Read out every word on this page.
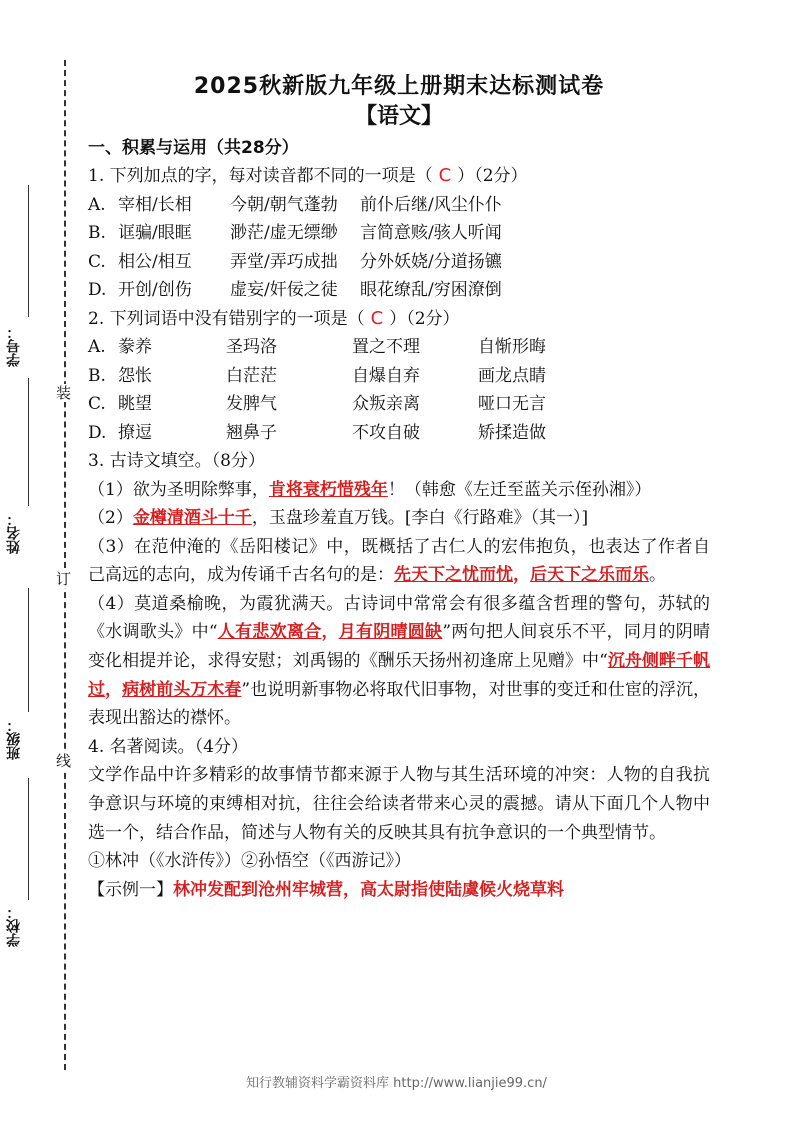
装
订
线
学号：
姓名：
班级：
学校：
2025秋新版九年级上册期末达标测试卷
【语文】
一、积累与运用（共28分）
1. 下列加点的字，每对读音都不同的一项是（ C ）（2分）
A. 宰相/长相	今朝/朝气蓬勃	前仆后继/风尘仆仆
B. 诓骗/眼眶	渺茫/虚无缥缈	言简意赅/骇人听闻
C. 相公/相互	弄堂/弄巧成拙	分外妖娆/分道扬镳
D. 开创/创伤	虚妄/奸佞之徒	眼花缭乱/穷困潦倒
2. 下列词语中没有错别字的一项是（ C ）（2分）
A. 豢养	圣玛洛	置之不理	自惭形晦
B. 怨怅	白茫茫	自爆自弃	画龙点睛
C. 眺望	发脾气	众叛亲离	哑口无言
D. 撩逗	翘鼻子	不攻自破	矫揉造做
3. 古诗文填空。（8分）
（1）欲为圣明除弊事，肯将衰朽惜残年！（韩愈《左迁至蓝关示侄孙湘》）
（2）金樽清酒斗十千，玉盘珍羞直万钱。[李白《行路难》（其一）]
（3）在范仲淹的《岳阳楼记》中，既概括了古仁人的宏伟抱负，也表达了作者自己高远的志向，成为传诵千古名句的是：先天下之忧而忧，后天下之乐而乐。
（4）莫道桑榆晚，为霞犹满天。古诗词中常常会有很多蕴含哲理的警句，苏轼的《水调歌头》中“人有悲欢离合，月有阴晴圆缺”两句把人间哀乐不平，同月的阴晴变化相提并论，求得安慰；刘禹锡的《酬乐天扬州初逢席上见赠》中“沉舟侧畔千帆过，病树前头万木春”也说明新事物必将取代旧事物，对世事的变迁和仕宦的浮沉，表现出豁达的襟怀。
4. 名著阅读。（4分）
文学作品中许多精彩的故事情节都来源于人物与其生活环境的冲突：人物的自我抗争意识与环境的束缚相对抗，往往会给读者带来心灵的震撼。请从下面几个人物中选一个，结合作品，简述与人物有关的反映其具有抗争意识的一个典型情节。
①林冲（《水浒传》）②孙悟空（《西游记》）
【示例一】林冲发配到沧州牢城营，高太尉指使陆虞候火烧草料
知行教辅资料学霸资料库 http://www.lianjie99.cn/
